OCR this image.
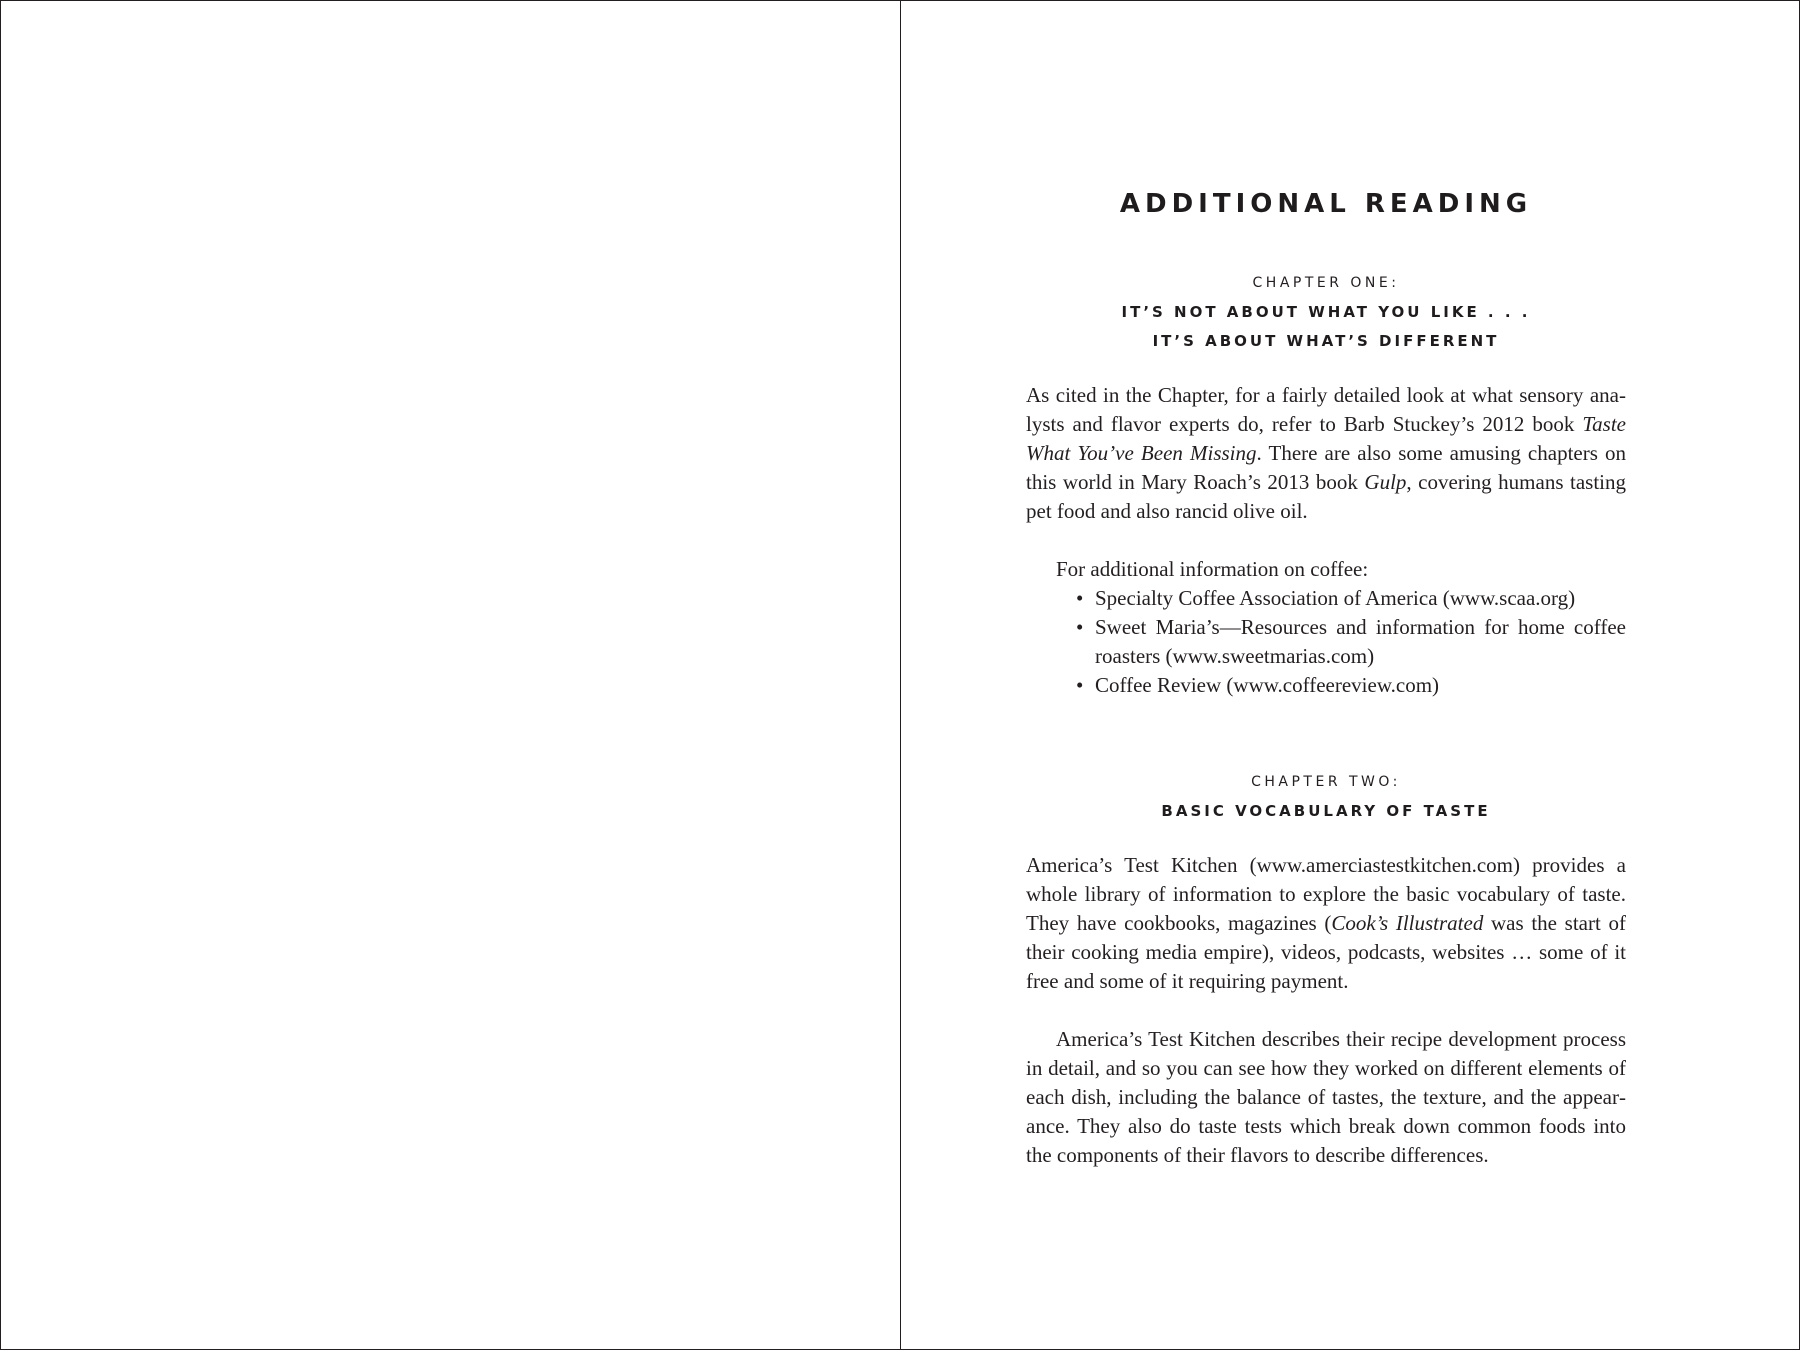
ADDITIONAL READING

CHAPTER ONE:

IT’S NOT ABOUT WHAT YOU LIKE . . .

IT’S ABOUT WHAT’S DIFFERENT

As cited in the Chapter, for a fairly detailed look at what sensory analysts and flavor experts do, refer to Barb Stuckey’s 2012 book Taste What You’ve Been Missing. There are also some amusing chapters on this world in Mary Roach’s 2013 book Gulp, covering humans tasting pet food and also rancid olive oil.

For additional information on coffee:

• Specialty Coffee Association of America (www.scaa.org)
• Sweet Maria’s—Resources and information for home coffee roasters (www.sweetmarias.com)
• Coffee Review (www.coffeereview.com)

CHAPTER TWO:

BASIC VOCABULARY OF TASTE

America’s Test Kitchen (www.amerciastestkitchen.com) provides a whole library of information to explore the basic vocabulary of taste. They have cookbooks, magazines (Cook’s Illustrated was the start of their cooking media empire), videos, podcasts, websites … some of it free and some of it requiring payment.

America’s Test Kitchen describes their recipe development process in detail, and so you can see how they worked on different elements of each dish, including the balance of tastes, the texture, and the appearance. They also do taste tests which break down common foods into the components of their flavors to describe differences.
